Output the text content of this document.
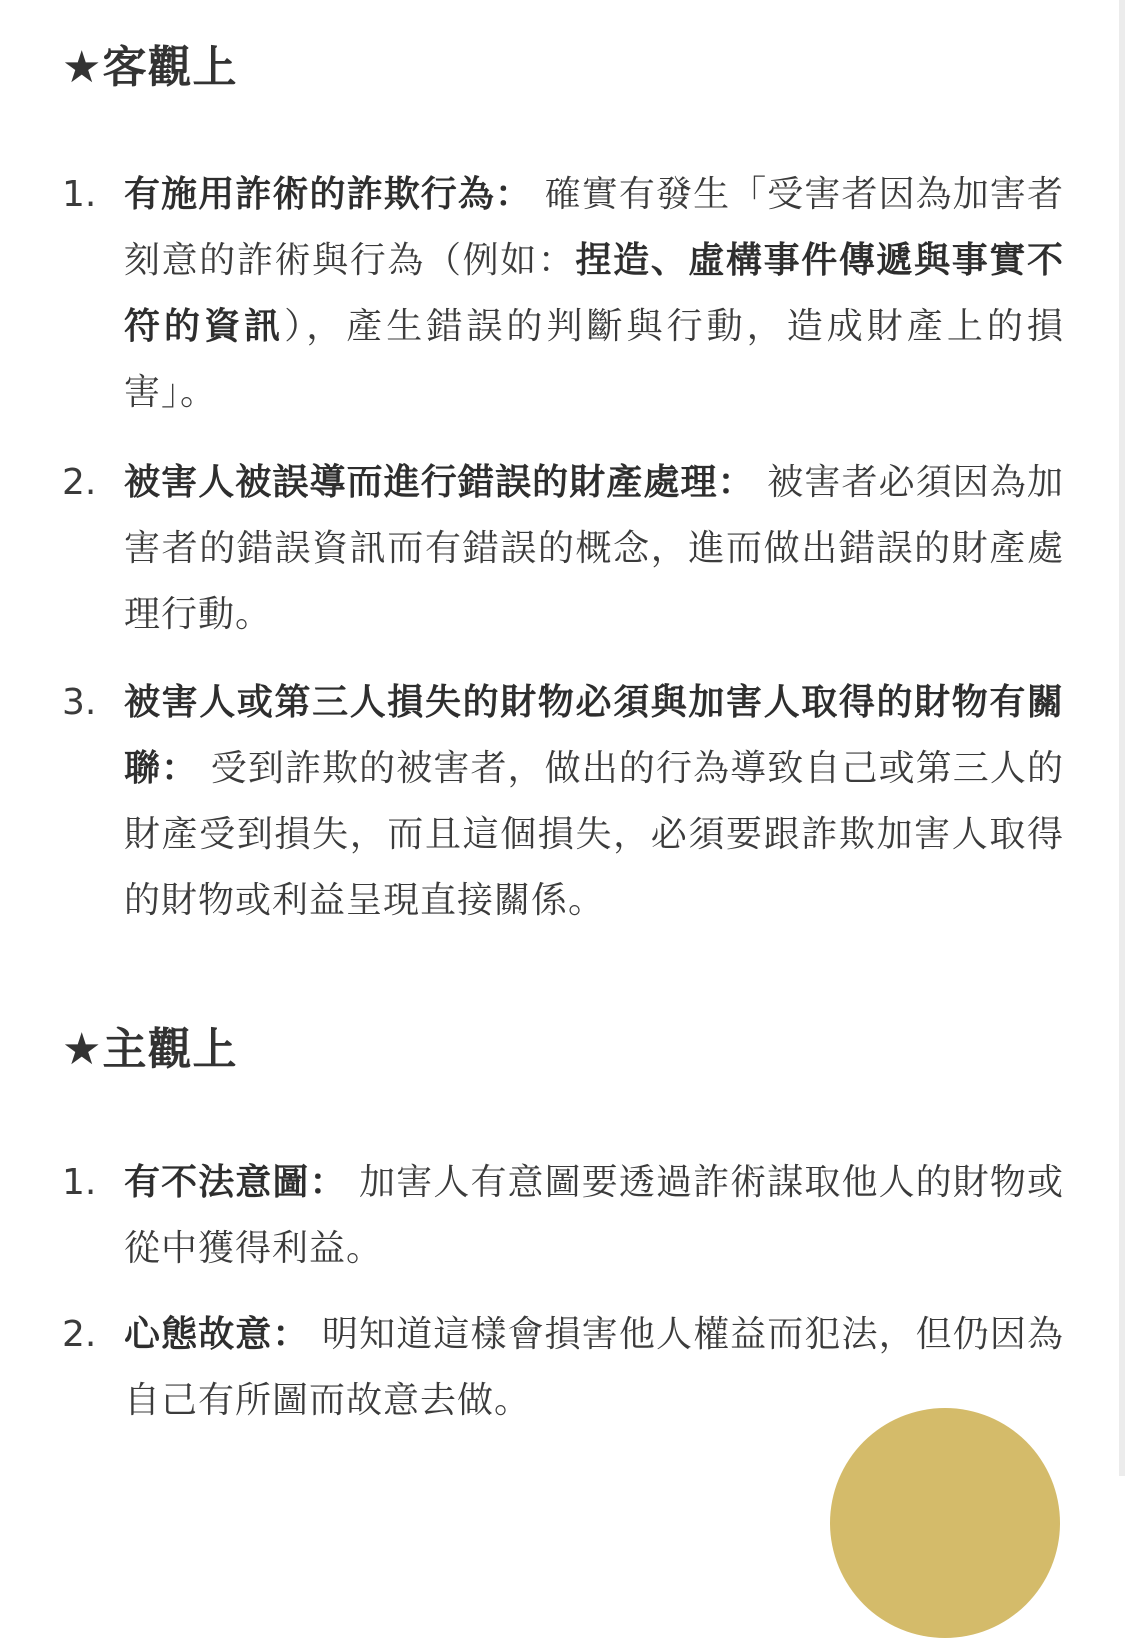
★客觀上
1. 有施用詐術的詐欺行為： 確實有發生「受害者因為加害者刻意的詐術與行為（例如：捏造、虛構事件傳遞與事實不符的資訊），產生錯誤的判斷與行動，造成財產上的損害」。
2. 被害人被誤導而進行錯誤的財產處理： 被害者必須因為加害者的錯誤資訊而有錯誤的概念，進而做出錯誤的財產處理行動。
3. 被害人或第三人損失的財物必須與加害人取得的財物有關聯： 受到詐欺的被害者，做出的行為導致自己或第三人的財產受到損失，而且這個損失，必須要跟詐欺加害人取得的財物或利益呈現直接關係。
★主觀上
1. 有不法意圖： 加害人有意圖要透過詐術謀取他人的財物或從中獲得利益。
2. 心態故意： 明知道這樣會損害他人權益而犯法，但仍因為自己有所圖而故意去做。
